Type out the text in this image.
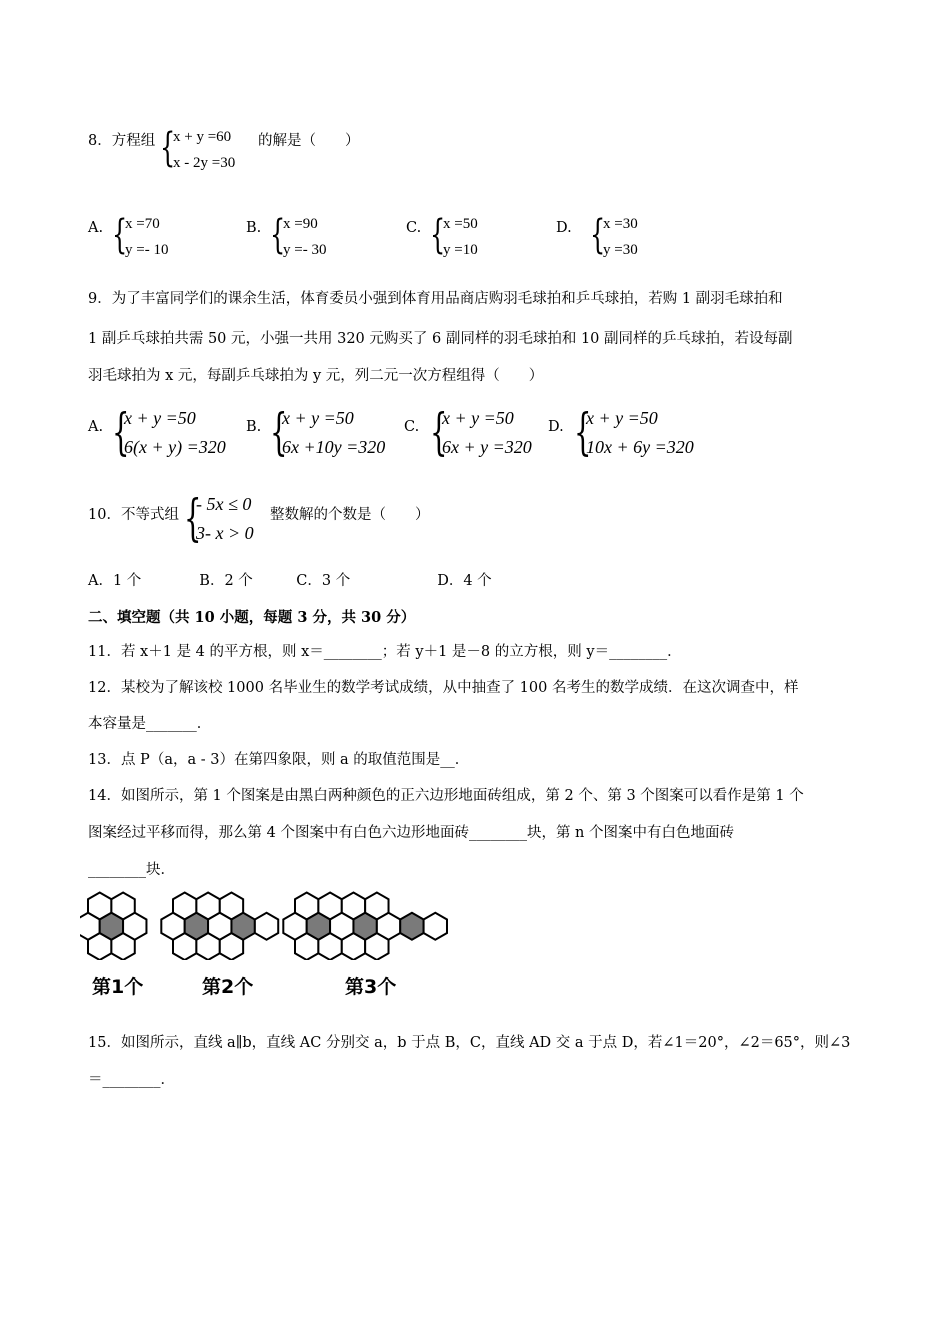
8．方程组 {
x + y =60
x - 2y =30
的解是（　　）
A. {
x =70
y =- 10
B. {
x =90
y =- 30
C. {
x =50
y =10
D. {
x =30
y =30
9．为了丰富同学们的课余生活，体育委员小强到体育用品商店购羽毛球拍和乒乓球拍，若购 1 副羽毛球拍和
1 副乒乓球拍共需 50 元，小强一共用 320 元购买了 6 副同样的羽毛球拍和 10 副同样的乒乓球拍，若设每副
羽毛球拍为 x 元，每副乒乓球拍为 y 元，列二元一次方程组得（　　）
A. {
x + y =50
6(x + y) =320
B. {
x + y =50
6x +10y =320
C. {
x + y =50
6x + y =320
D. {
x + y =50
10x + 6y =320
10．不等式组 {
- 5x ≤ 0
3- x > 0
整数解的个数是（　　）
A．1 个　　　　B．2 个　　　C．3 个　　　　　　D．4 个
二、填空题（共 10 小题，每题 3 分，共 30 分）
11．若 x＋1 是 4 的平方根，则 x＝________；若 y＋1 是－8 的立方根，则 y＝________．
12．某校为了解该校 1000 名毕业生的数学考试成绩，从中抽查了 100 名考生的数学成绩．在这次调查中，样
本容量是_______．
13．点 P（a，a - 3）在第四象限，则 a 的取值范围是__．
14．如图所示，第 1 个图案是由黑白两种颜色的正六边形地面砖组成，第 2 个、第 3 个图案可以看作是第 1 个
图案经过平移而得，那么第 4 个图案中有白色六边形地面砖________块，第 n 个图案中有白色地面砖
________块．
第1个	第2个	第3个
15．如图所示，直线 a∥b，直线 AC 分别交 a，b 于点 B，C，直线 AD 交 a 于点 D，若∠1＝20°，∠2＝65°，则∠3
＝________．
